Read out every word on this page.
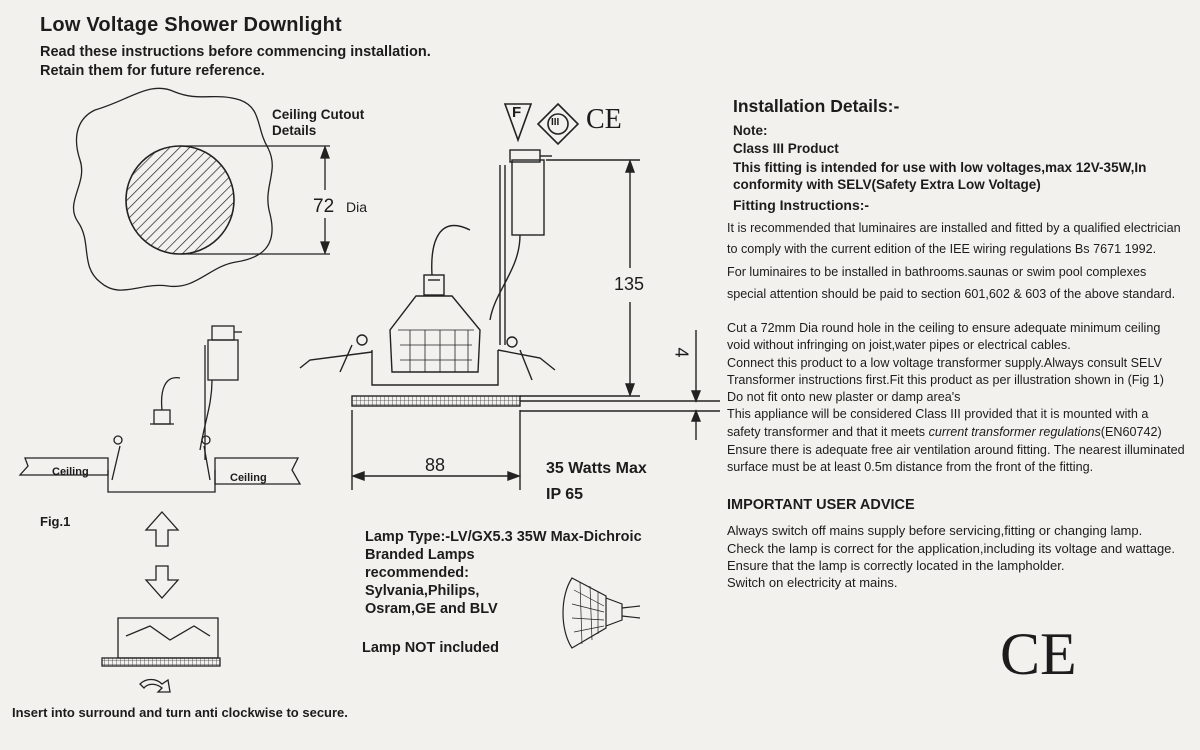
Low Voltage Shower Downlight

Read these instructions before commencing installation.

Retain them for future reference.

Ceiling Cutout

Details

72 Dia

F

III CE

135

88

4

35 Watts Max

IP 65

Ceiling	Ceiling

Fig.1

Insert into surround and turn anti clockwise to secure.

Lamp Type:-LV/GX5.3 35W Max-Dichroic

Branded Lamps

recommended:

Sylvania,Philips,

Osram,GE and BLV

Lamp NOT included

Installation Details:-

Note:

Class III Product

This fitting is intended for use with low voltages,max 12V-35W,In

conformity with SELV(Safety Extra Low Voltage)

Fitting Instructions:-

It is recommended that luminaires are installed and fitted by a qualified electrician

to comply with the current edition of the IEE wiring regulations Bs 7671 1992.

For luminaires to be installed in bathrooms.saunas or swim pool complexes

special attention should be paid to section 601,602 & 603 of the above standard.

Cut a 72mm Dia round hole in the ceiling to ensure adequate minimum ceiling

void without infringing on joist,water pipes or electrical cables.

Connect this product to a low voltage transformer supply.Always consult SELV

Transformer instructions first.Fit this product as per illustration shown in (Fig 1)

Do not fit onto new plaster or damp area's

This appliance will be considered Class III provided that it is mounted with a

safety transformer and that it meets current transformer regulations(EN60742)

Ensure there is adequate free air ventilation around fitting. The nearest illuminated

surface must be at least 0.5m distance from the front of the fitting.

IMPORTANT USER ADVICE

Always switch off mains supply before servicing,fitting or changing lamp.

Check the lamp is correct for the application,including its voltage and wattage.

Ensure that the lamp is correctly located in the lampholder.

Switch on electricity at mains.

CE
